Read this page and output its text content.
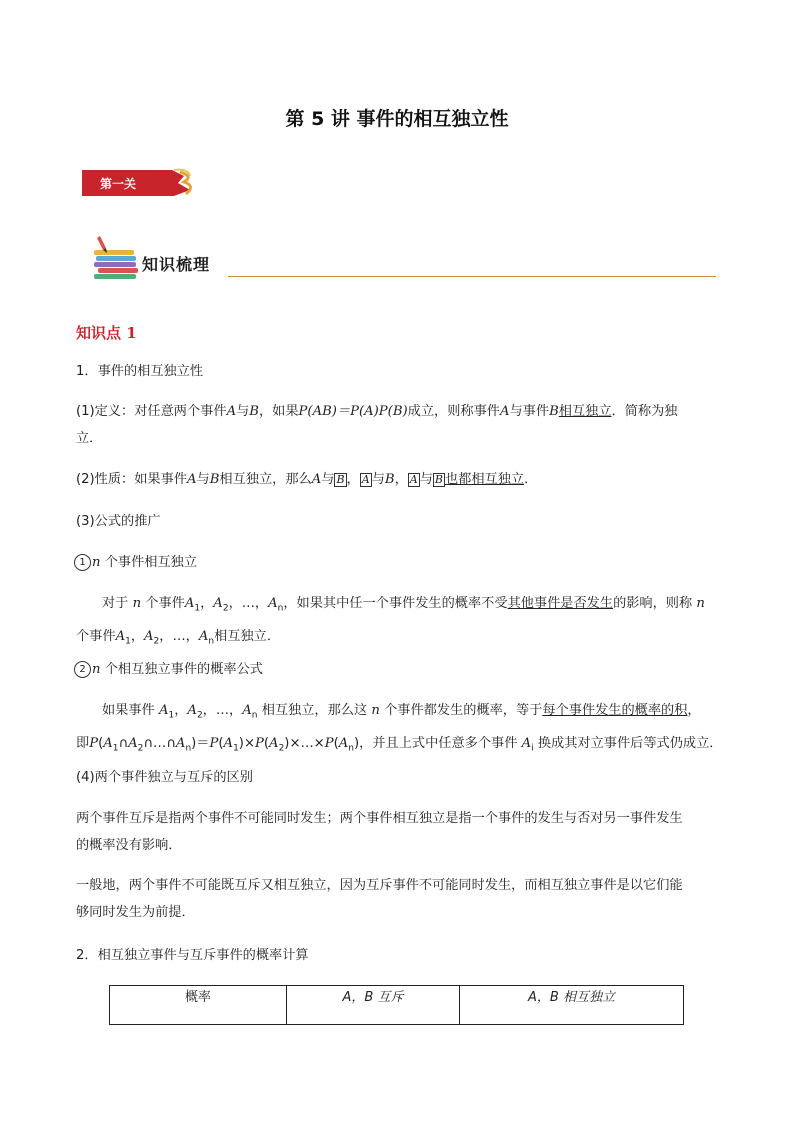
第 5 讲 事件的相互独立性
第一关
知识梳理
知识点 1
1．事件的相互独立性
(1)定义：对任意两个事件A与B，如果P(AB)＝P(A)P(B)成立，则称事件A与事件B相互独立．简称为独
立．
(2)性质：如果事件A与B相互独立，那么A与 B ， A 与B， A 与 B 也都相互独立．
(3)公式的推广
1 n 个事件相互独立
对于 n 个事件$A_1$，$A_2$，…，$A_n$，如果其中任一个事件发生的概率不受其他事件是否发生的影响，则称 n
个事件$A_1$，$A_2$，…，$A_n$相互独立．
2 n 个相互独立事件的概率公式
如果事件 $A_1$，$A_2$，…，$A_n$ 相互独立，那么这 n 个事件都发生的概率，等于每个事件发生的概率的积，
即$P(A_1\cap A_2\cap\dots\cap A_n)=P(A_1)\times P(A_2)\times\dots\times P(A_n)$，并且上式中任意多个事件 $A_i$ 换成其对立事件后等式仍成立．
(4)两个事件独立与互斥的区别
两个事件互斥是指两个事件不可能同时发生；两个事件相互独立是指一个事件的发生与否对另一事件发生
的概率没有影响．
一般地，两个事件不可能既互斥又相互独立，因为互斥事件不可能同时发生，而相互独立事件是以它们能
够同时发生为前提．
2．相互独立事件与互斥事件的概率计算
概率	A，B 互斥	A，B 相互独立
